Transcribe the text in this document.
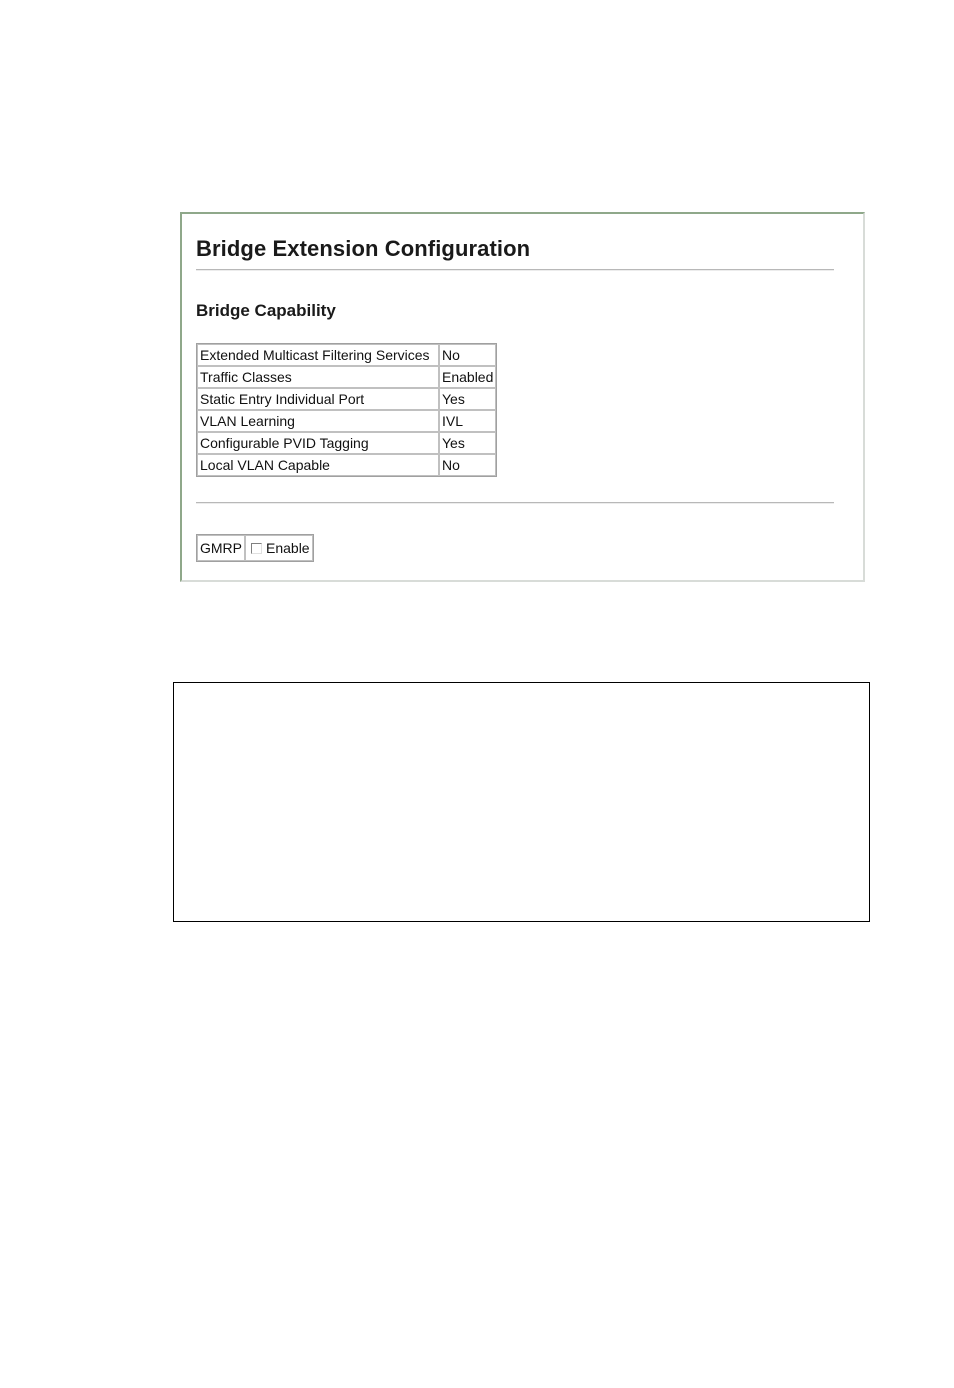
Bridge Extension Configuration
Bridge Capability
Extended Multicast Filtering Services	No
Traffic Classes	Enabled
Static Entry Individual Port	Yes
VLAN Learning	IVL
Configurable PVID Tagging	Yes
Local VLAN Capable	No
GMRP	Enable
